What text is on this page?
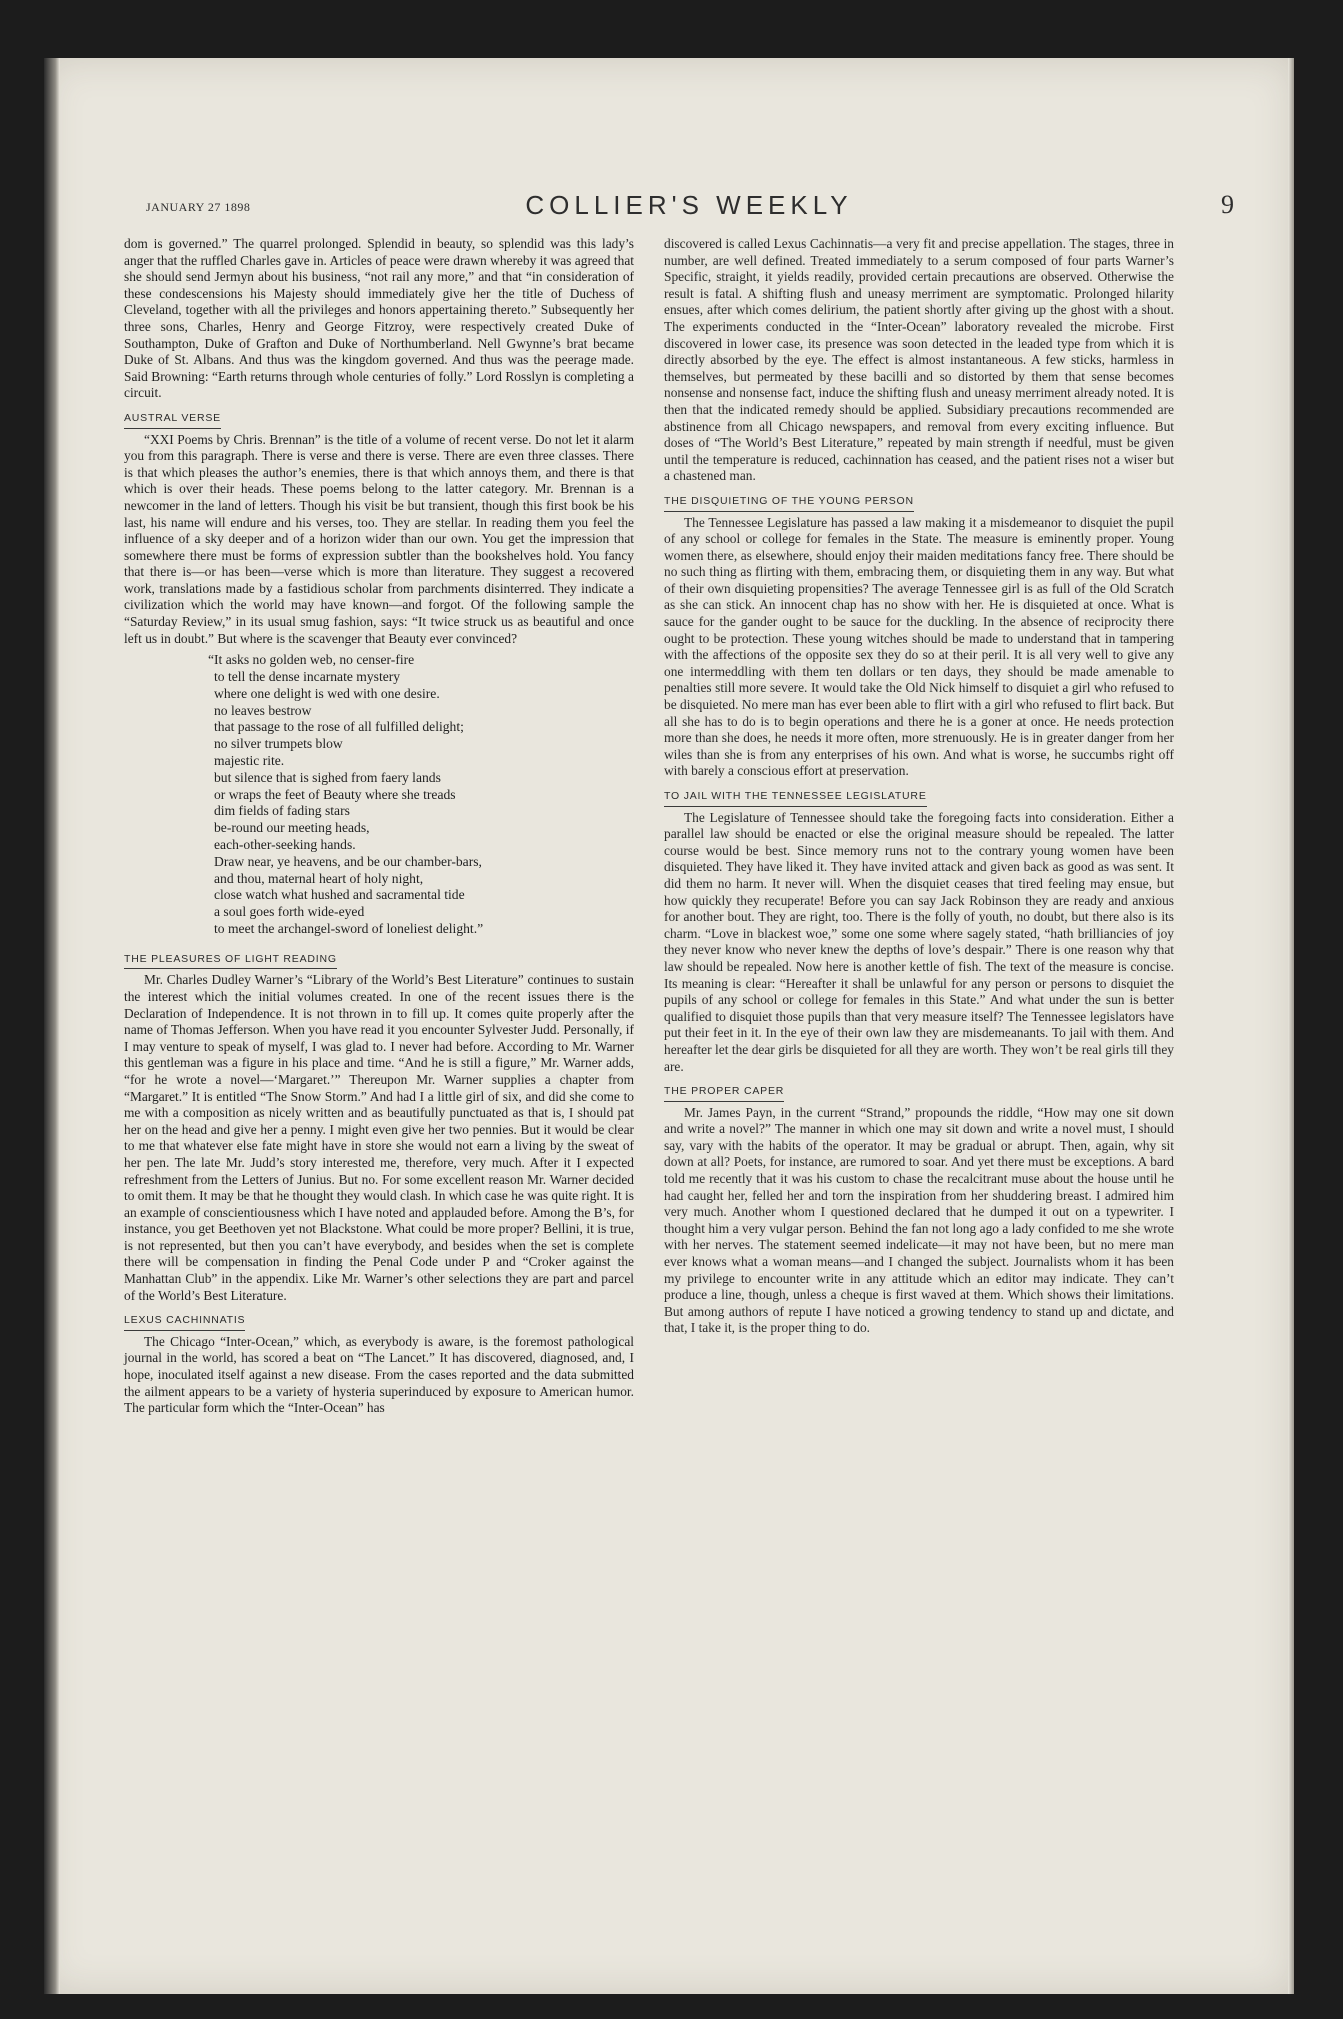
JANUARY 27 1898	COLLIER'S WEEKLY	9

dom is governed.” The quarrel prolonged. Splendid in beauty, so splendid was this lady’s anger that the ruffled Charles gave in. Articles of peace were drawn whereby it was agreed that she should send Jermyn about his business, “not rail any more,” and that “in consideration of these condescensions his Majesty should immediately give her the title of Duchess of Cleveland, together with all the privileges and honors appertaining thereto.” Subsequently her three sons, Charles, Henry and George Fitzroy, were respectively created Duke of Southampton, Duke of Grafton and Duke of Northumberland. Nell Gwynne’s brat became Duke of St. Albans. And thus was the kingdom governed. And thus was the peerage made. Said Browning: “Earth returns through whole centuries of folly.” Lord Rosslyn is completing a circuit.

AUSTRAL VERSE

“XXI Poems by Chris. Brennan” is the title of a volume of recent verse. Do not let it alarm you from this paragraph. There is verse and there is verse. There are even three classes. There is that which pleases the author’s enemies, there is that which annoys them, and there is that which is over their heads. These poems belong to the latter category. Mr. Brennan is a newcomer in the land of letters. Though his visit be but transient, though this first book be his last, his name will endure and his verses, too. They are stellar. In reading them you feel the influence of a sky deeper and of a horizon wider than our own. You get the impression that somewhere there must be forms of expression subtler than the bookshelves hold. You fancy that there is—or has been—verse which is more than literature. They suggest a recovered work, translations made by a fastidious scholar from parchments disinterred. They indicate a civilization which the world may have known—and forgot. Of the following sample the “Saturday Review,” in its usual smug fashion, says: “It twice struck us as beautiful and once left us in doubt.” But where is the scavenger that Beauty ever convinced?

“It asks no golden web, no censer-fire
to tell the dense incarnate mystery
where one delight is wed with one desire.
no leaves bestrow
that passage to the rose of all fulfilled delight;
no silver trumpets blow
majestic rite.
but silence that is sighed from faery lands
or wraps the feet of Beauty where she treads
dim fields of fading stars
be-round our meeting heads,
each-other-seeking hands.
Draw near, ye heavens, and be our chamber-bars,
and thou, maternal heart of holy night,
close watch what hushed and sacramental tide
a soul goes forth wide-eyed
to meet the archangel-sword of loneliest delight.”
THE PLEASURES OF LIGHT READING

Mr. Charles Dudley Warner’s “Library of the World’s Best Literature” continues to sustain the interest which the initial volumes created. In one of the recent issues there is the Declaration of Independence. It is not thrown in to fill up. It comes quite properly after the name of Thomas Jefferson. When you have read it you encounter Sylvester Judd. Personally, if I may venture to speak of myself, I was glad to. I never had before. According to Mr. Warner this gentleman was a figure in his place and time. “And he is still a figure,” Mr. Warner adds, “for he wrote a novel—‘Margaret.’” Thereupon Mr. Warner supplies a chapter from “Margaret.” It is entitled “The Snow Storm.” And had I a little girl of six, and did she come to me with a composition as nicely written and as beautifully punctuated as that is, I should pat her on the head and give her a penny. I might even give her two pennies. But it would be clear to me that whatever else fate might have in store she would not earn a living by the sweat of her pen. The late Mr. Judd’s story interested me, therefore, very much. After it I expected refreshment from the Letters of Junius. But no. For some excellent reason Mr. Warner decided to omit them. It may be that he thought they would clash. In which case he was quite right. It is an example of conscientiousness which I have noted and applauded before. Among the B’s, for instance, you get Beethoven yet not Blackstone. What could be more proper? Bellini, it is true, is not represented, but then you can’t have everybody, and besides when the set is complete there will be compensation in finding the Penal Code under P and “Croker against the Manhattan Club” in the appendix. Like Mr. Warner’s other selections they are part and parcel of the World’s Best Literature.

LEXUS CACHINNATIS

The Chicago “Inter-Ocean,” which, as everybody is aware, is the foremost pathological journal in the world, has scored a beat on “The Lancet.” It has discovered, diagnosed, and, I hope, inoculated itself against a new disease. From the cases reported and the data submitted the ailment appears to be a variety of hysteria superinduced by exposure to American humor. The particular form which the “Inter-Ocean” has

discovered is called Lexus Cachinnatis—a very fit and precise appellation. The stages, three in number, are well defined. Treated immediately to a serum composed of four parts Warner’s Specific, straight, it yields readily, provided certain precautions are observed. Otherwise the result is fatal. A shifting flush and uneasy merriment are symptomatic. Prolonged hilarity ensues, after which comes delirium, the patient shortly after giving up the ghost with a shout. The experiments conducted in the “Inter-Ocean” laboratory revealed the microbe. First discovered in lower case, its presence was soon detected in the leaded type from which it is directly absorbed by the eye. The effect is almost instantaneous. A few sticks, harmless in themselves, but permeated by these bacilli and so distorted by them that sense becomes nonsense and nonsense fact, induce the shifting flush and uneasy merriment already noted. It is then that the indicated remedy should be applied. Subsidiary precautions recommended are abstinence from all Chicago newspapers, and removal from every exciting influence. But doses of “The World’s Best Literature,” repeated by main strength if needful, must be given until the temperature is reduced, cachinnation has ceased, and the patient rises not a wiser but a chastened man.

THE DISQUIETING OF THE YOUNG PERSON

The Tennessee Legislature has passed a law making it a misdemeanor to disquiet the pupil of any school or college for females in the State. The measure is eminently proper. Young women there, as elsewhere, should enjoy their maiden meditations fancy free. There should be no such thing as flirting with them, embracing them, or disquieting them in any way. But what of their own disquieting propensities? The average Tennessee girl is as full of the Old Scratch as she can stick. An innocent chap has no show with her. He is disquieted at once. What is sauce for the gander ought to be sauce for the duckling. In the absence of reciprocity there ought to be protection. These young witches should be made to understand that in tampering with the affections of the opposite sex they do so at their peril. It is all very well to give any one intermeddling with them ten dollars or ten days, they should be made amenable to penalties still more severe. It would take the Old Nick himself to disquiet a girl who refused to be disquieted. No mere man has ever been able to flirt with a girl who refused to flirt back. But all she has to do is to begin operations and there he is a goner at once. He needs protection more than she does, he needs it more often, more strenuously. He is in greater danger from her wiles than she is from any enterprises of his own. And what is worse, he succumbs right off with barely a conscious effort at preservation.

TO JAIL WITH THE TENNESSEE LEGISLATURE

The Legislature of Tennessee should take the foregoing facts into consideration. Either a parallel law should be enacted or else the original measure should be repealed. The latter course would be best. Since memory runs not to the contrary young women have been disquieted. They have liked it. They have invited attack and given back as good as was sent. It did them no harm. It never will. When the disquiet ceases that tired feeling may ensue, but how quickly they recuperate! Before you can say Jack Robinson they are ready and anxious for another bout. They are right, too. There is the folly of youth, no doubt, but there also is its charm. “Love in blackest woe,” some one some where sagely stated, “hath brilliancies of joy they never know who never knew the depths of love’s despair.” There is one reason why that law should be repealed. Now here is another kettle of fish. The text of the measure is concise. Its meaning is clear: “Hereafter it shall be unlawful for any person or persons to disquiet the pupils of any school or college for females in this State.” And what under the sun is better qualified to disquiet those pupils than that very measure itself? The Tennessee legislators have put their feet in it. In the eye of their own law they are misdemeanants. To jail with them. And hereafter let the dear girls be disquieted for all they are worth. They won’t be real girls till they are.

THE PROPER CAPER

Mr. James Payn, in the current “Strand,” propounds the riddle, “How may one sit down and write a novel?” The manner in which one may sit down and write a novel must, I should say, vary with the habits of the operator. It may be gradual or abrupt. Then, again, why sit down at all? Poets, for instance, are rumored to soar. And yet there must be exceptions. A bard told me recently that it was his custom to chase the recalcitrant muse about the house until he had caught her, felled her and torn the inspiration from her shuddering breast. I admired him very much. Another whom I questioned declared that he dumped it out on a typewriter. I thought him a very vulgar person. Behind the fan not long ago a lady confided to me she wrote with her nerves. The statement seemed indelicate—it may not have been, but no mere man ever knows what a woman means—and I changed the subject. Journalists whom it has been my privilege to encounter write in any attitude which an editor may indicate. They can’t produce a line, though, unless a cheque is first waved at them. Which shows their limitations. But among authors of repute I have noticed a growing tendency to stand up and dictate, and that, I take it, is the proper thing to do.
